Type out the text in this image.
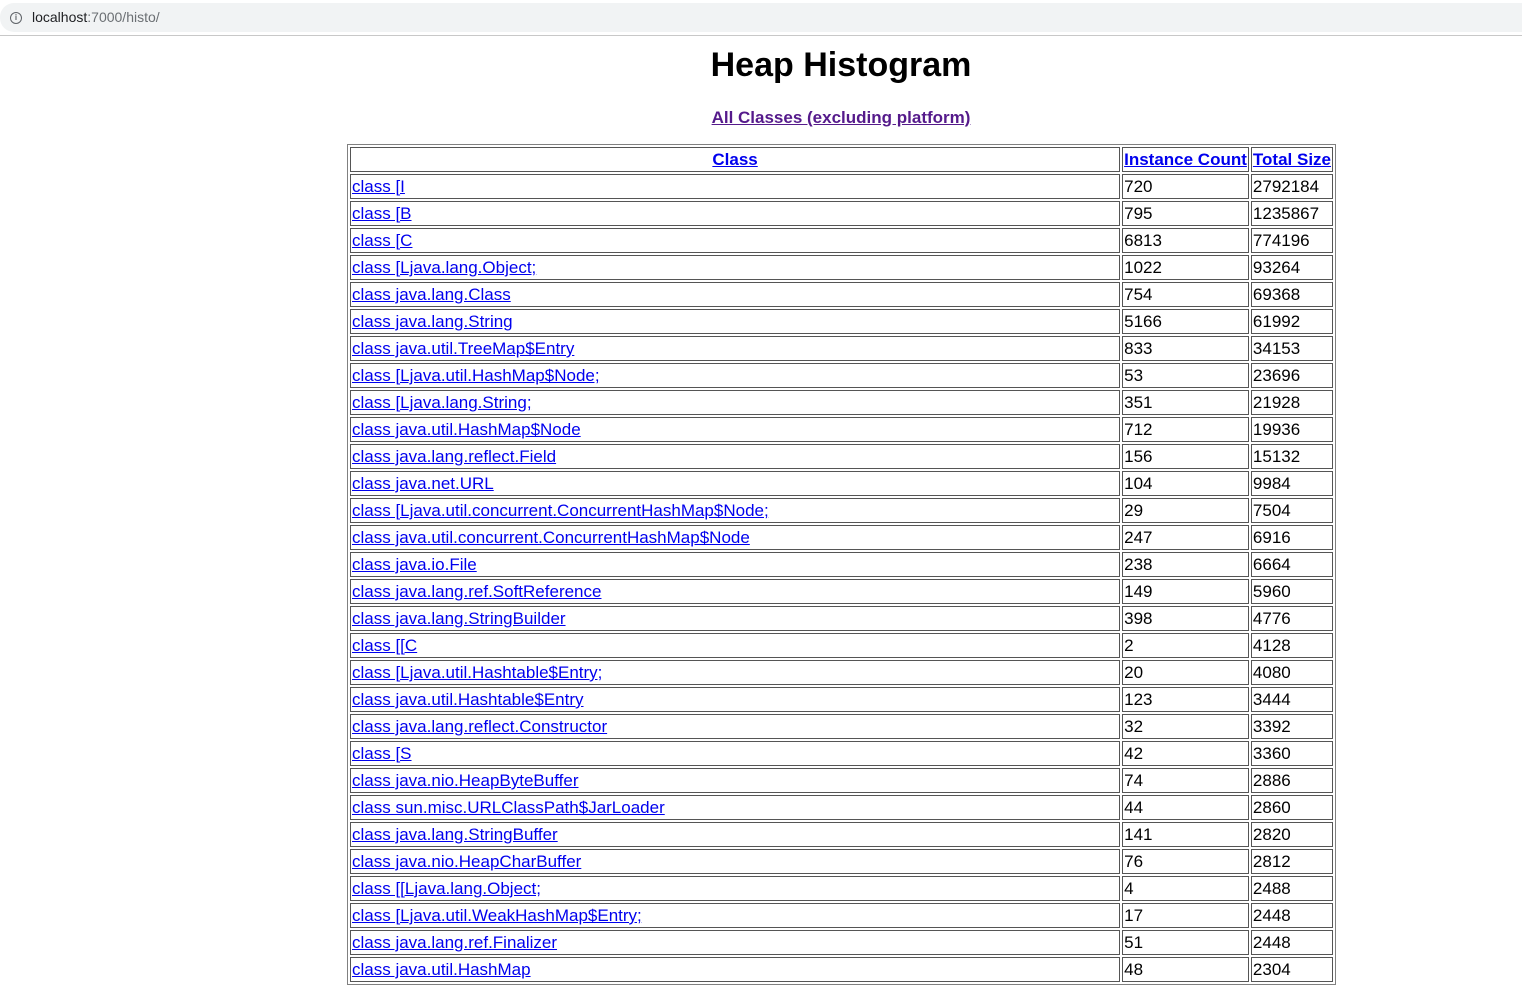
i	localhost:7000/histo/
Heap Histogram
All Classes (excluding platform)
Class	Instance Count	Total Size
class [I	720	2792184
class [B	795	1235867
class [C	6813	774196
class [Ljava.lang.Object;	1022	93264
class java.lang.Class	754	69368
class java.lang.String	5166	61992
class java.util.TreeMap$Entry	833	34153
class [Ljava.util.HashMap$Node;	53	23696
class [Ljava.lang.String;	351	21928
class java.util.HashMap$Node	712	19936
class java.lang.reflect.Field	156	15132
class java.net.URL	104	9984
class [Ljava.util.concurrent.ConcurrentHashMap$Node;	29	7504
class java.util.concurrent.ConcurrentHashMap$Node	247	6916
class java.io.File	238	6664
class java.lang.ref.SoftReference	149	5960
class java.lang.StringBuilder	398	4776
class [[C	2	4128
class [Ljava.util.Hashtable$Entry;	20	4080
class java.util.Hashtable$Entry	123	3444
class java.lang.reflect.Constructor	32	3392
class [S	42	3360
class java.nio.HeapByteBuffer	74	2886
class sun.misc.URLClassPath$JarLoader	44	2860
class java.lang.StringBuffer	141	2820
class java.nio.HeapCharBuffer	76	2812
class [[Ljava.lang.Object;	4	2488
class [Ljava.util.WeakHashMap$Entry;	17	2448
class java.lang.ref.Finalizer	51	2448
class java.util.HashMap	48	2304
